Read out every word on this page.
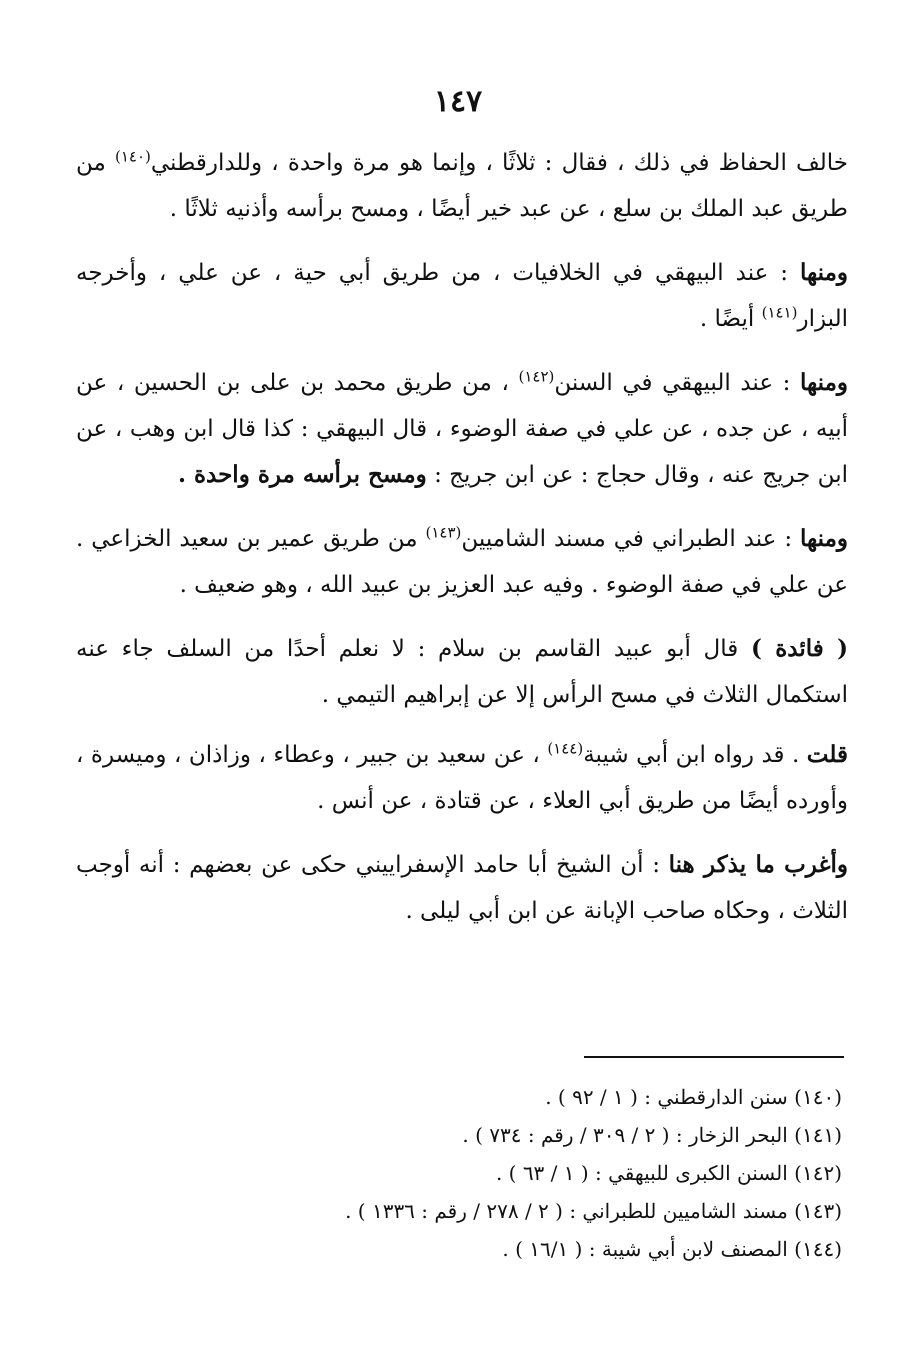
١٤٧

خالف الحفاظ في ذلك ، فقال : ثلاثًا ، وإنما هو مرة واحدة ، وللدارقطني$^{(١٤٠)}$ من طريق عبد الملك بن سلع ، عن عبد خير أيضًا ، ومسح برأسه وأذنيه ثلاثًا .

ومنها : عند البيهقي في الخلافيات ، من طريق أبي حية ، عن علي ، وأخرجه البزار$^{(١٤١)}$ أيضًا .

ومنها : عند البيهقي في السنن$^{(١٤٢)}$ ، من طريق محمد بن على بن الحسين ، عن أبيه ، عن جده ، عن علي في صفة الوضوء ، قال البيهقي : كذا قال ابن وهب ، عن ابن جريج عنه ، وقال حجاج : عن ابن جريج : ومسح برأسه مرة واحدة .

ومنها : عند الطبراني في مسند الشاميين$^{(١٤٣)}$ من طريق عمير بن سعيد الخزاعي . عن علي في صفة الوضوء . وفيه عبد العزيز بن عبيد الله ، وهو ضعيف .

( فائدة ) قال أبو عبيد القاسم بن سلام : لا نعلم أحدًا من السلف جاء عنه استكمال الثلاث في مسح الرأس إلا عن إبراهيم التيمي .

قلت . قد رواه ابن أبي شيبة$^{(١٤٤)}$ ، عن سعيد بن جبير ، وعطاء ، وزاذان ، وميسرة ، وأورده أيضًا من طريق أبي العلاء ، عن قتادة ، عن أنس .

وأغرب ما يذكر هنا : أن الشيخ أبا حامد الإسفراييني حكى عن بعضهم : أنه أوجب الثلاث ، وحكاه صاحب الإبانة عن ابن أبي ليلى .

(١٤٠) سنن الدارقطني : ( ١ / ٩٢ ) .
(١٤١) البحر الزخار : ( ٢ / ٣٠٩ / رقم : ٧٣٤ ) .
(١٤٢) السنن الكبرى للبيهقي : ( ١ / ٦٣ ) .
(١٤٣) مسند الشاميين للطبراني : ( ٢ / ٢٧٨ / رقم : ١٣٣٦ ) .
(١٤٤) المصنف لابن أبي شيبة : ( ١٦/١ ) .
